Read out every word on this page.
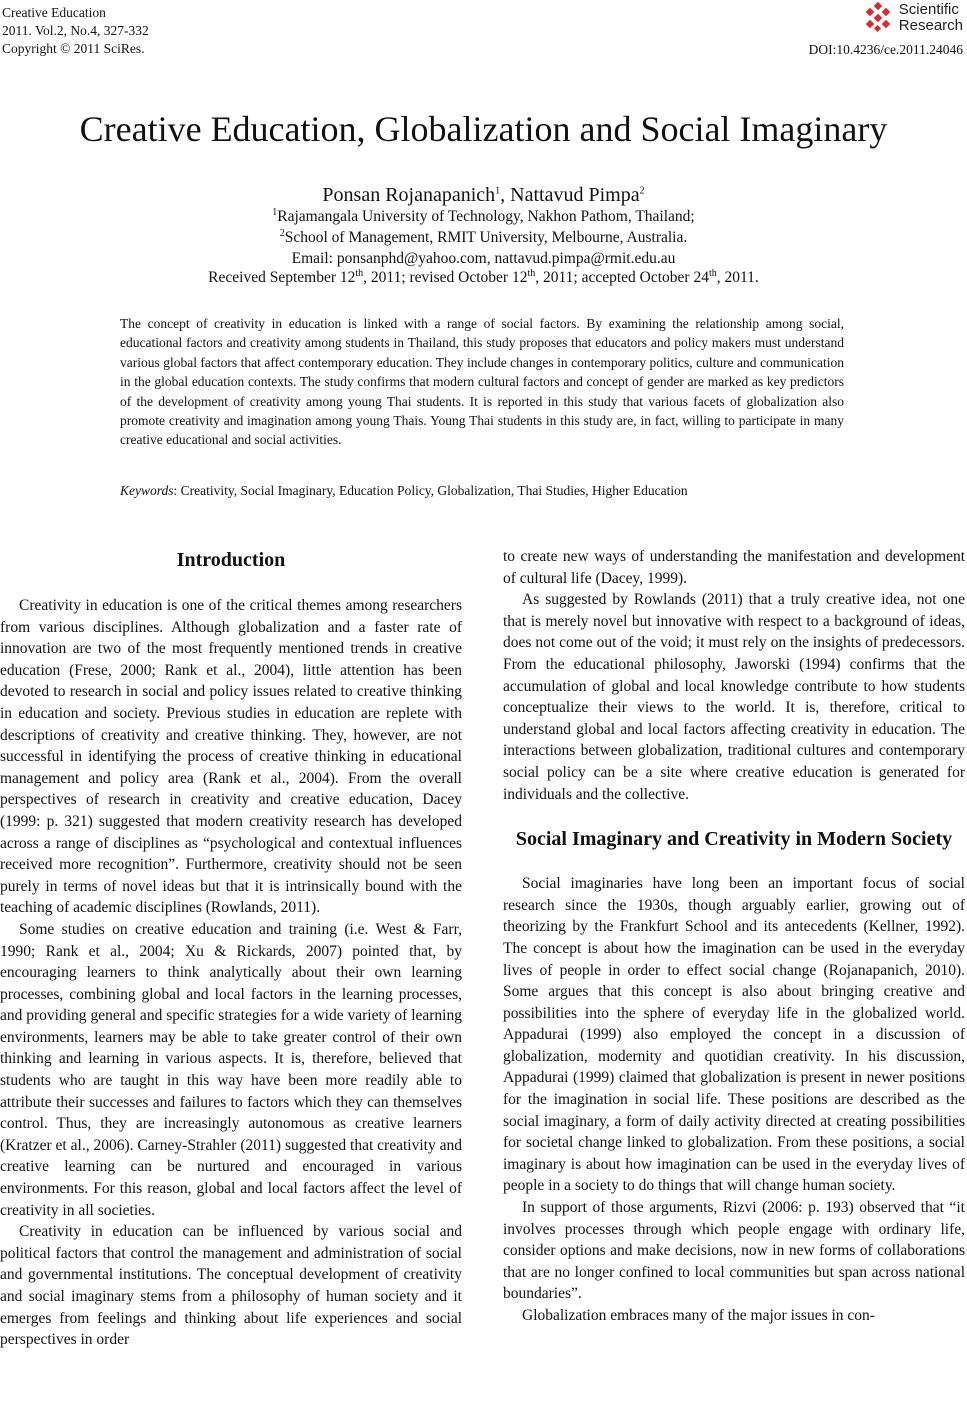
Creative Education
2011. Vol.2, No.4, 327-332
Copyright © 2011 SciRes.
Scientific
Research
DOI:10.4236/ce.2011.24046
Creative Education, Globalization and Social Imaginary
Ponsan Rojanapanich$^1$, Nattavud Pimpa$^2$
$^1$Rajamangala University of Technology, Nakhon Pathom, Thailand;
$^2$School of Management, RMIT University, Melbourne, Australia.
Email: ponsanphd@yahoo.com, nattavud.pimpa@rmit.edu.au
Received September 12th, 2011; revised October 12th, 2011; accepted October 24th, 2011.
The concept of creativity in education is linked with a range of social factors. By examining the relationship among social, educational factors and creativity among students in Thailand, this study proposes that educators and policy makers must understand various global factors that affect contemporary education. They include changes in contemporary politics, culture and communication in the global education contexts. The study confirms that modern cultural factors and concept of gender are marked as key predictors of the development of creativity among young Thai students. It is reported in this study that various facets of globalization also promote creativity and imagination among young Thais. Young Thai students in this study are, in fact, willing to participate in many creative educational and social activities.
Keywords: Creativity, Social Imaginary, Education Policy, Globalization, Thai Studies, Higher Education
Introduction

Creativity in education is one of the critical themes among researchers from various disciplines. Although globalization and a faster rate of innovation are two of the most frequently mentioned trends in creative education (Frese, 2000; Rank et al., 2004), little attention has been devoted to research in social and policy issues related to creative thinking in education and society. Previous studies in education are replete with descriptions of creativity and creative thinking. They, however, are not successful in identifying the process of creative thinking in educational management and policy area (Rank et al., 2004). From the overall perspectives of research in creativity and creative education, Dacey (1999: p. 321) suggested that modern creativity research has developed across a range of disciplines as “psychological and contextual influences received more recognition”. Furthermore, creativity should not be seen purely in terms of novel ideas but that it is intrinsically bound with the teaching of academic disciplines (Rowlands, 2011).

Some studies on creative education and training (i.e. West & Farr, 1990; Rank et al., 2004; Xu & Rickards, 2007) pointed that, by encouraging learners to think analytically about their own learning processes, combining global and local factors in the learning processes, and providing general and specific strategies for a wide variety of learning environments, learners may be able to take greater control of their own thinking and learning in various aspects. It is, therefore, believed that students who are taught in this way have been more readily able to attribute their successes and failures to factors which they can themselves control. Thus, they are increasingly autonomous as creative learners (Kratzer et al., 2006). Carney-Strahler (2011) suggested that creativity and creative learning can be nurtured and encouraged in various environments. For this reason, global and local factors affect the level of creativity in all societies.

Creativity in education can be influenced by various social and political factors that control the management and administration of social and governmental institutions. The conceptual development of creativity and social imaginary stems from a philosophy of human society and it emerges from feelings and thinking about life experiences and social perspectives in order

to create new ways of understanding the manifestation and development of cultural life (Dacey, 1999).

As suggested by Rowlands (2011) that a truly creative idea, not one that is merely novel but innovative with respect to a background of ideas, does not come out of the void; it must rely on the insights of predecessors. From the educational philosophy, Jaworski (1994) confirms that the accumulation of global and local knowledge contribute to how students conceptualize their views to the world. It is, therefore, critical to understand global and local factors affecting creativity in education. The interactions between globalization, traditional cultures and contemporary social policy can be a site where creative education is generated for individuals and the collective.

Social Imaginary and Creativity in Modern Society

Social imaginaries have long been an important focus of social research since the 1930s, though arguably earlier, growing out of theorizing by the Frankfurt School and its antecedents (Kellner, 1992). The concept is about how the imagination can be used in the everyday lives of people in order to effect social change (Rojanapanich, 2010). Some argues that this concept is also about bringing creative and possibilities into the sphere of everyday life in the globalized world. Appadurai (1999) also employed the concept in a discussion of globalization, modernity and quotidian creativity. In his discussion, Appadurai (1999) claimed that globalization is present in newer positions for the imagination in social life. These positions are described as the social imaginary, a form of daily activity directed at creating possibilities for societal change linked to globalization. From these positions, a social imaginary is about how imagination can be used in the everyday lives of people in a society to do things that will change human society.

In support of those arguments, Rizvi (2006: p. 193) observed that “it involves processes through which people engage with ordinary life, consider options and make decisions, now in new forms of collaborations that are no longer confined to local communities but span across national boundaries”.

Globalization embraces many of the major issues in con-
